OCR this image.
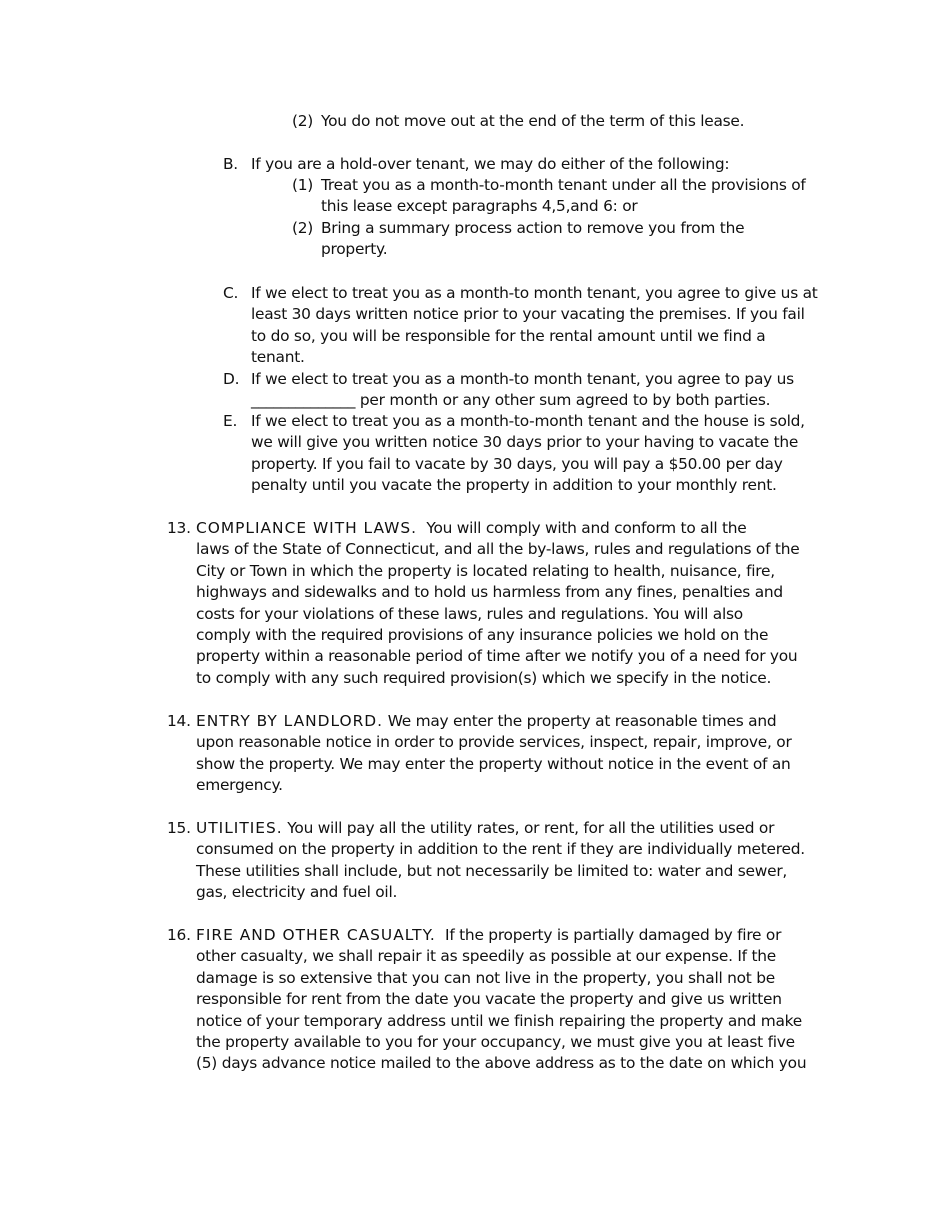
(2) You do not move out at the end of the term of this lease.
B. If you are a hold-over tenant, we may do either of the following:
(1) Treat you as a month-to-month tenant under all the provisions of
this lease except paragraphs 4,5,and 6: or
(2) Bring a summary process action to remove you from the
property.
C. If we elect to treat you as a month-to month tenant, you agree to give us at
least 30 days written notice prior to your vacating the premises. If you fail
to do so, you will be responsible for the rental amount until we find a
tenant.
D. If we elect to treat you as a month-to month tenant, you agree to pay us
______________ per month or any other sum agreed to by both parties.
E. If we elect to treat you as a month-to-month tenant and the house is sold,
we will give you written notice 30 days prior to your having to vacate the
property. If you fail to vacate by 30 days, you will pay a $50.00 per day
penalty until you vacate the property in addition to your monthly rent.
13. COMPLIANCE WITH LAWS.  You will comply with and conform to all the
laws of the State of Connecticut, and all the by-laws, rules and regulations of the
City or Town in which the property is located relating to health, nuisance, fire,
highways and sidewalks and to hold us harmless from any fines, penalties and
costs for your violations of these laws, rules and regulations. You will also
comply with the required provisions of any insurance policies we hold on the
property within a reasonable period of time after we notify you of a need for you
to comply with any such required provision(s) which we specify in the notice.
14. ENTRY BY LANDLORD. We may enter the property at reasonable times and
upon reasonable notice in order to provide services, inspect, repair, improve, or
show the property. We may enter the property without notice in the event of an
emergency.
15. UTILITIES. You will pay all the utility rates, or rent, for all the utilities used or
consumed on the property in addition to the rent if they are individually metered.
These utilities shall include, but not necessarily be limited to: water and sewer,
gas, electricity and fuel oil.
16. FIRE AND OTHER CASUALTY.  If the property is partially damaged by fire or
other casualty, we shall repair it as speedily as possible at our expense. If the
damage is so extensive that you can not live in the property, you shall not be
responsible for rent from the date you vacate the property and give us written
notice of your temporary address until we finish repairing the property and make
the property available to you for your occupancy, we must give you at least five
(5) days advance notice mailed to the above address as to the date on which you
